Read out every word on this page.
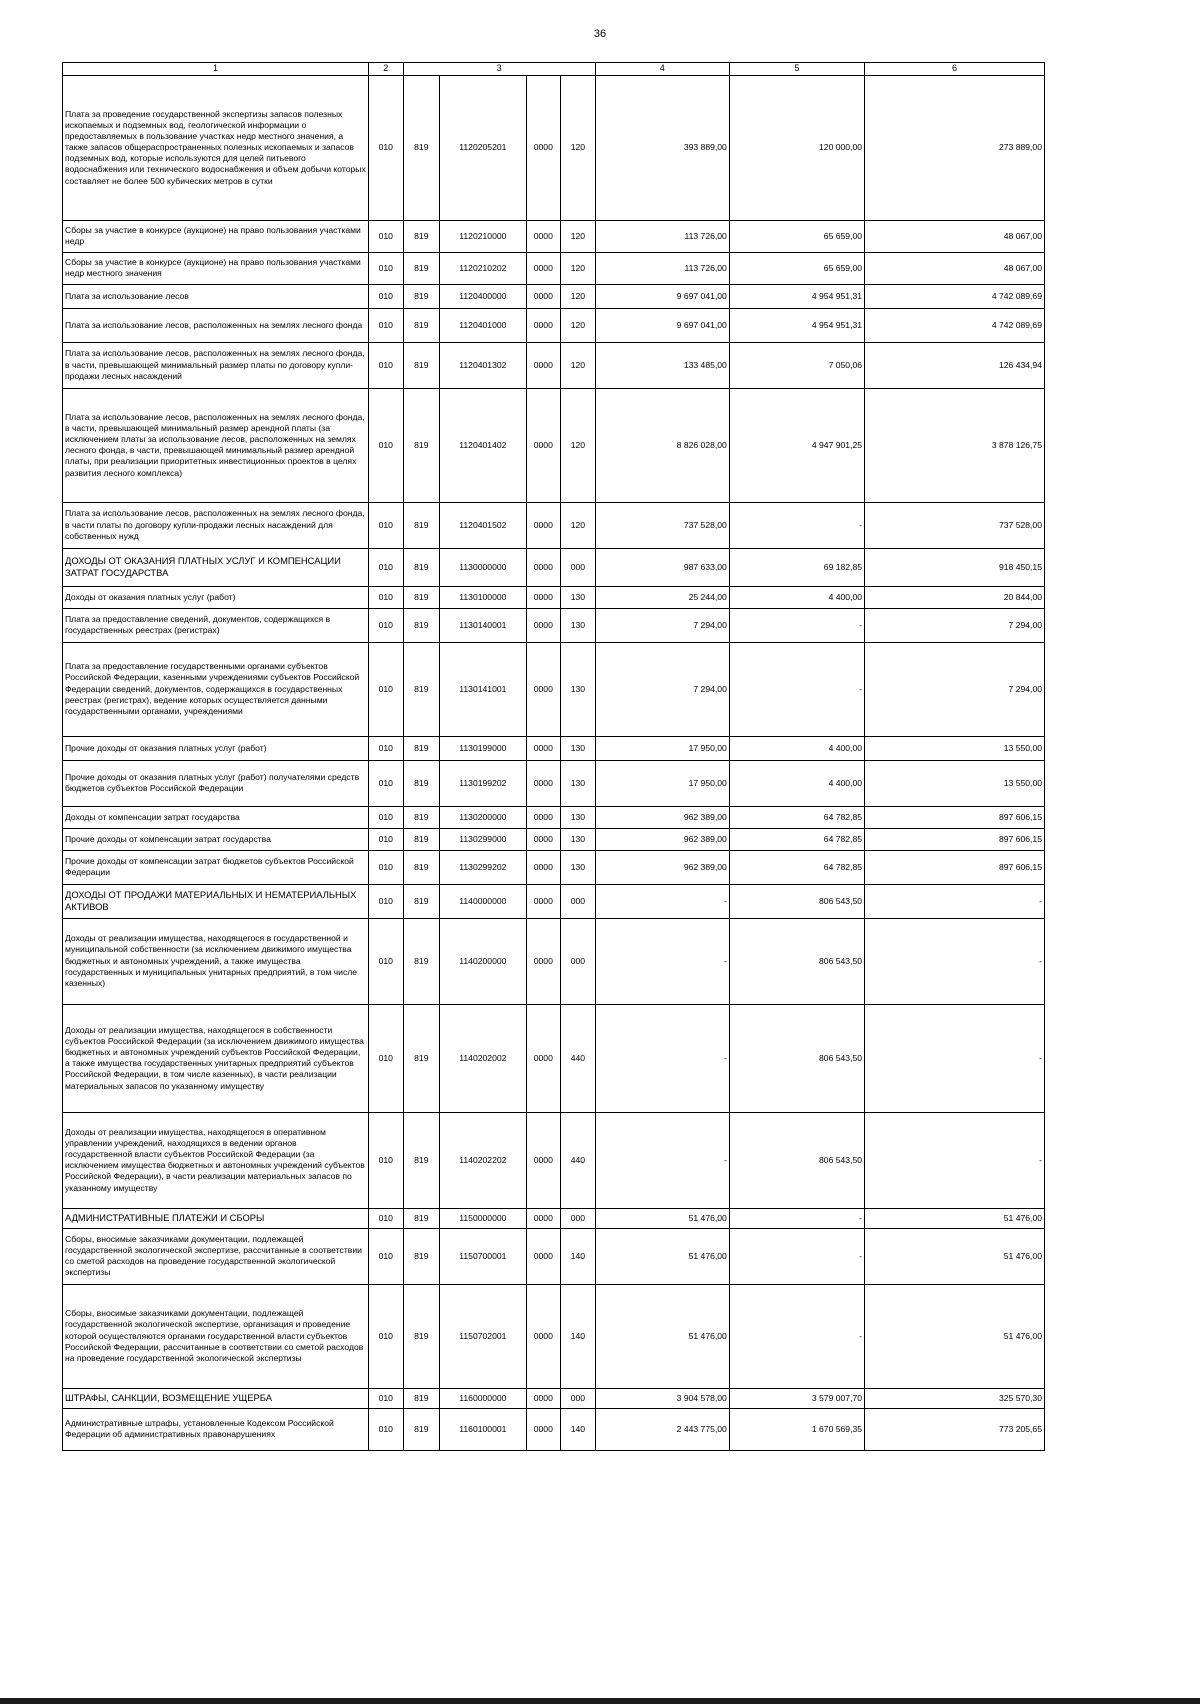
36
1	2	3				4	5	6
Плата за проведение государственной экспертизы запасов полезных ископаемых и подземных вод, геологической информации о предоставляемых в пользование участках недр местного значения, а также запасов общераспространенных полезных ископаемых и запасов подземных вод, которые используются для целей питьевого водоснабжения или технического водоснабжения и объем добычи которых составляет не более 500 кубических метров в сутки	010	819	1120205201	0000	120	393 889,00	120 000,00	273 889,00
Сборы за участие в конкурсе (аукционе) на право пользования участками недр	010	819	1120210000	0000	120	113 726,00	65 659,00	48 067,00
Сборы за участие в конкурсе (аукционе) на право пользования участками недр местного значения	010	819	1120210202	0000	120	113 726,00	65 659,00	48 067,00
Плата за использование лесов	010	819	1120400000	0000	120	9 697 041,00	4 954 951,31	4 742 089,69
Плата за использование лесов, расположенных на землях лесного фонда	010	819	1120401000	0000	120	9 697 041,00	4 954 951,31	4 742 089,69
Плата за использование лесов, расположенных на землях лесного фонда, в части, превышающей минимальный размер платы по договору купли-продажи лесных насаждений	010	819	1120401302	0000	120	133 485,00	7 050,06	126 434,94
Плата за использование лесов, расположенных на землях лесного фонда, в части, превышающей минимальный размер арендной платы (за исключением платы за использование лесов, расположенных на землях лесного фонда, в части, превышающей минимальный размер арендной платы, при реализации приоритетных инвестиционных проектов в целях развития лесного комплекса)	010	819	1120401402	0000	120	8 826 028,00	4 947 901,25	3 878 126,75
Плата за использование лесов, расположенных на землях лесного фонда, в части платы по договору купли-продажи лесных насаждений для собственных нужд	010	819	1120401502	0000	120	737 528,00	-	737 528,00
ДОХОДЫ ОТ ОКАЗАНИЯ ПЛАТНЫХ УСЛУГ И КОМПЕНСАЦИИ ЗАТРАТ ГОСУДАРСТВА	010	819	1130000000	0000	000	987 633,00	69 182,85	918 450,15
Доходы от оказания платных услуг (работ)	010	819	1130100000	0000	130	25 244,00	4 400,00	20 844,00
Плата за предоставление сведений, документов, содержащихся в государственных реестрах (регистрах)	010	819	1130140001	0000	130	7 294,00	-	7 294,00
Плата за предоставление государственными органами субъектов Российской Федерации, казенными учреждениями субъектов Российской Федерации сведений, документов, содержащихся в государственных реестрах (регистрах), ведение которых осуществляется данными государственными органами, учреждениями	010	819	1130141001	0000	130	7 294,00	-	7 294,00
Прочие доходы от оказания платных услуг (работ)	010	819	1130199000	0000	130	17 950,00	4 400,00	13 550,00
Прочие доходы от оказания платных услуг (работ) получателями средств бюджетов субъектов Российской Федерации	010	819	1130199202	0000	130	17 950,00	4 400,00	13 550,00
Доходы от компенсации затрат государства	010	819	1130200000	0000	130	962 389,00	64 782,85	897 606,15
Прочие доходы от компенсации затрат государства	010	819	1130299000	0000	130	962 389,00	64 782,85	897 606,15
Прочие доходы от компенсации затрат бюджетов субъектов Российской Федерации	010	819	1130299202	0000	130	962 389,00	64 782,85	897 606,15
ДОХОДЫ ОТ ПРОДАЖИ МАТЕРИАЛЬНЫХ И НЕМАТЕРИАЛЬНЫХ АКТИВОВ	010	819	1140000000	0000	000	-	806 543,50	-
Доходы от реализации имущества, находящегося в государственной и муниципальной собственности (за исключением движимого имущества бюджетных и автономных учреждений, а также имущества государственных и муниципальных унитарных предприятий, в том числе казенных)	010	819	1140200000	0000	000	-	806 543,50	-
Доходы от реализации имущества, находящегося в собственности субъектов Российской Федерации (за исключением движимого имущества бюджетных и автономных учреждений субъектов Российской Федерации, а также имущества государственных унитарных предприятий субъектов Российской Федерации, в том числе казенных), в части реализации материальных запасов по указанному имуществу	010	819	1140202002	0000	440	-	806 543,50	-
Доходы от реализации имущества, находящегося в оперативном управлении учреждений, находящихся в ведении органов государственной власти субъектов Российской Федерации (за исключением имущества бюджетных и автономных учреждений субъектов Российской Федерации), в части реализации материальных запасов по указанному имуществу	010	819	1140202202	0000	440	-	806 543,50	-
АДМИНИСТРАТИВНЫЕ ПЛАТЕЖИ И СБОРЫ	010	819	1150000000	0000	000	51 476,00	-	51 476,00
Сборы, вносимые заказчиками документации, подлежащей государственной экологической экспертизе, рассчитанные в соответствии со сметой расходов на проведение государственной экологической экспертизы	010	819	1150700001	0000	140	51 476,00	-	51 476,00
Сборы, вносимые заказчиками документации, подлежащей государственной экологической экспертизе, организация и проведение которой осуществляются органами государственной власти субъектов Российской Федерации, рассчитанные в соответствии со сметой расходов на проведение государственной экологической экспертизы	010	819	1150702001	0000	140	51 476,00	-	51 476,00
ШТРАФЫ, САНКЦИИ, ВОЗМЕЩЕНИЕ УЩЕРБА	010	819	1160000000	0000	000	3 904 578,00	3 579 007,70	325 570,30
Административные штрафы, установленные Кодексом Российской Федерации об административных правонарушениях	010	819	1160100001	0000	140	2 443 775,00	1 670 569,35	773 205,65
